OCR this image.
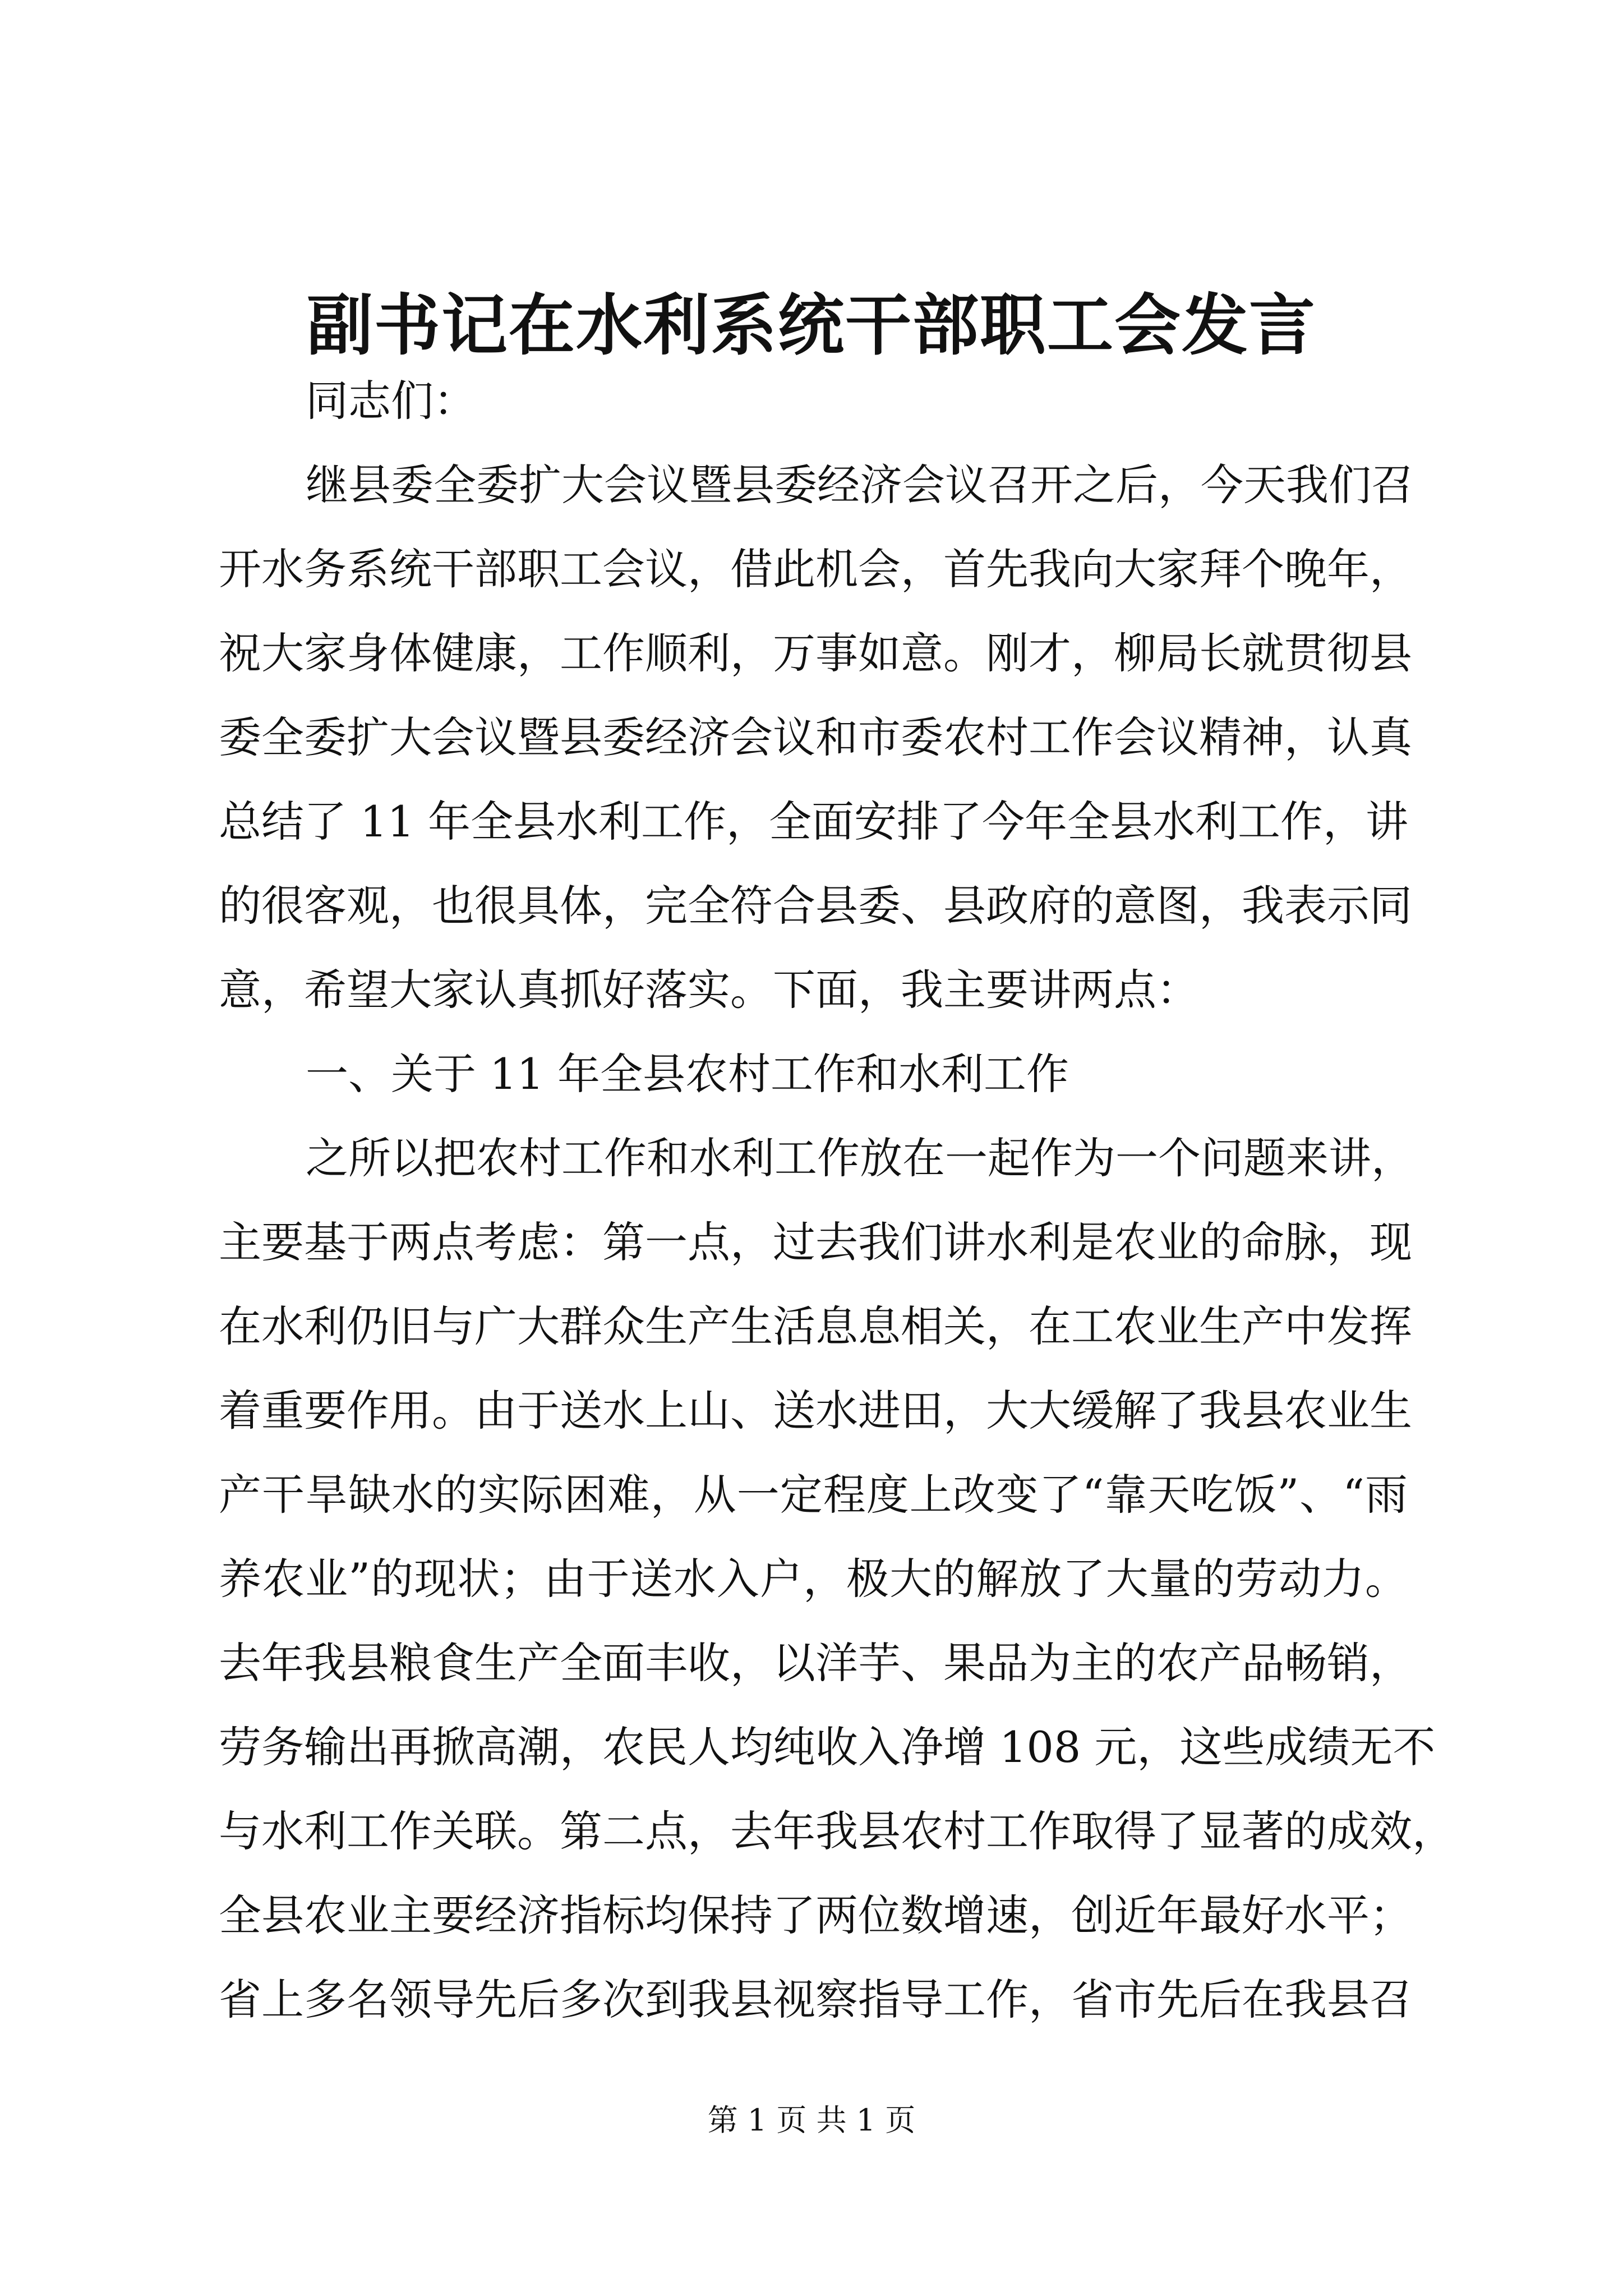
副书记在水利系统干部职工会发言
同志们：
继县委全委扩大会议暨县委经济会议召开之后，今天我们召
开水务系统干部职工会议，借此机会，首先我向大家拜个晚年，
祝大家身体健康，工作顺利，万事如意。刚才，柳局长就贯彻县
委全委扩大会议暨县委经济会议和市委农村工作会议精神，认真
总结了 11 年全县水利工作，全面安排了今年全县水利工作，讲
的很客观，也很具体，完全符合县委、县政府的意图，我表示同
意，希望大家认真抓好落实。下面，我主要讲两点：
一、关于 11 年全县农村工作和水利工作
之所以把农村工作和水利工作放在一起作为一个问题来讲，
主要基于两点考虑：第一点，过去我们讲水利是农业的命脉，现
在水利仍旧与广大群众生产生活息息相关，在工农业生产中发挥
着重要作用。由于送水上山、送水进田，大大缓解了我县农业生
产干旱缺水的实际困难，从一定程度上改变了“靠天吃饭”、“雨
养农业”的现状；由于送水入户，极大的解放了大量的劳动力。
去年我县粮食生产全面丰收，以洋芋、果品为主的农产品畅销，
劳务输出再掀高潮，农民人均纯收入净增 108 元，这些成绩无不
与水利工作关联。第二点，去年我县农村工作取得了显著的成效，
全县农业主要经济指标均保持了两位数增速，创近年最好水平；
省上多名领导先后多次到我县视察指导工作，省市先后在我县召
第 1 页 共 1 页
